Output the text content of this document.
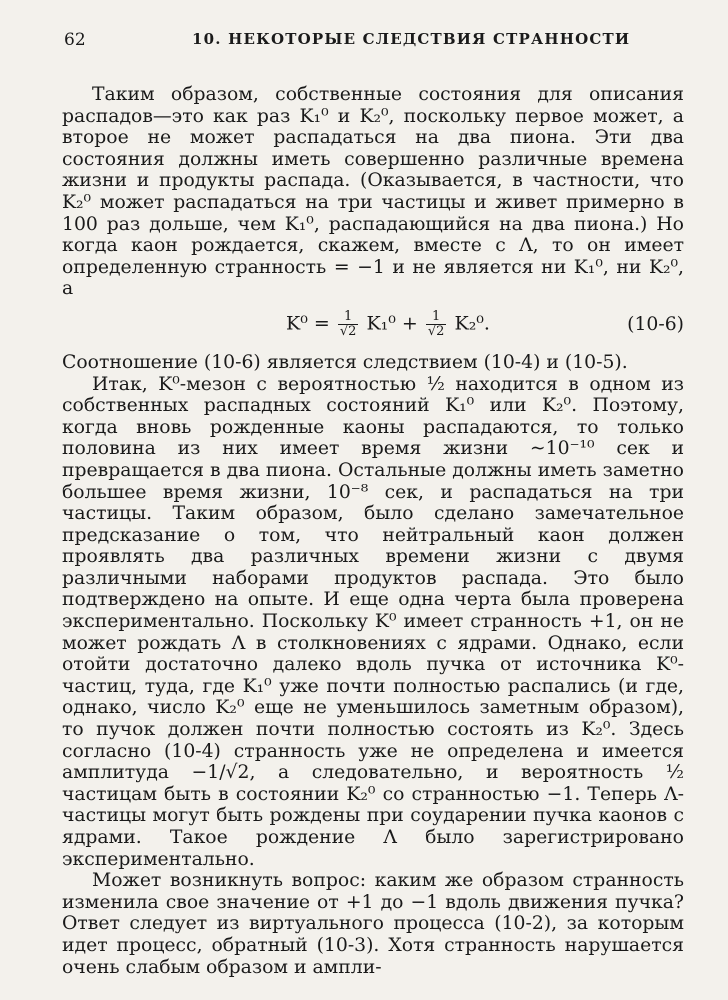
62	10. НЕКОТОРЫЕ СЛЕДСТВИЯ СТРАННОСТИ

Таким образом, собственные состояния для описания распадов—это как раз K₁⁰ и K₂⁰, поскольку первое может, а второе не может распадаться на два пиона. Эти два состояния должны иметь совершенно различные времена жизни и продукты распада. (Оказывается, в частности, что K₂⁰ может распадаться на три частицы и живет примерно в 100 раз дольше, чем K₁⁰, распадающийся на два пиона.) Но когда каон рождается, скажем, вместе с Λ, то он имеет определенную странность = −1 и не является ни K₁⁰, ни K₂⁰, а

$K^0 = \frac{1}{√2} K_1^0 + \frac{1}{√2} K_2^0$.	(10-6)

Соотношение (10-6) является следствием (10-4) и (10-5).

Итак, K⁰-мезон с вероятностью ½ находится в одном из собственных распадных состояний K₁⁰ или K₂⁰. Поэтому, когда вновь рожденные каоны распадаются, то только половина из них имеет время жизни ∼10⁻¹⁰ сек и превращается в два пиона. Остальные должны иметь заметно большее время жизни, 10⁻⁸ сек, и распадаться на три частицы. Таким образом, было сделано замечательное предсказание о том, что нейтральный каон должен проявлять два различных времени жизни с двумя различными наборами продуктов распада. Это было подтверждено на опыте. И еще одна черта была проверена экспериментально. Поскольку K⁰ имеет странность +1, он не может рождать Λ в столкновениях с ядрами. Однако, если отойти достаточно далеко вдоль пучка от источника K⁰-частиц, туда, где K₁⁰ уже почти полностью распались (и где, однако, число K₂⁰ еще не уменьшилось заметным образом), то пучок должен почти полностью состоять из K₂⁰. Здесь согласно (10-4) странность уже не определена и имеется амплитуда −1/√2, а следовательно, и вероятность ½ частицам быть в состоянии K₂⁰ со странностью −1. Теперь Λ-частицы могут быть рождены при соударении пучка каонов с ядрами. Такое рождение Λ было зарегистрировано экспериментально.

Может возникнуть вопрос: каким же образом странность изменила свое значение от +1 до −1 вдоль движения пучка? Ответ следует из виртуального процесса (10-2), за которым идет процесс, обратный (10-3). Хотя странность нарушается очень слабым образом и ампли-
